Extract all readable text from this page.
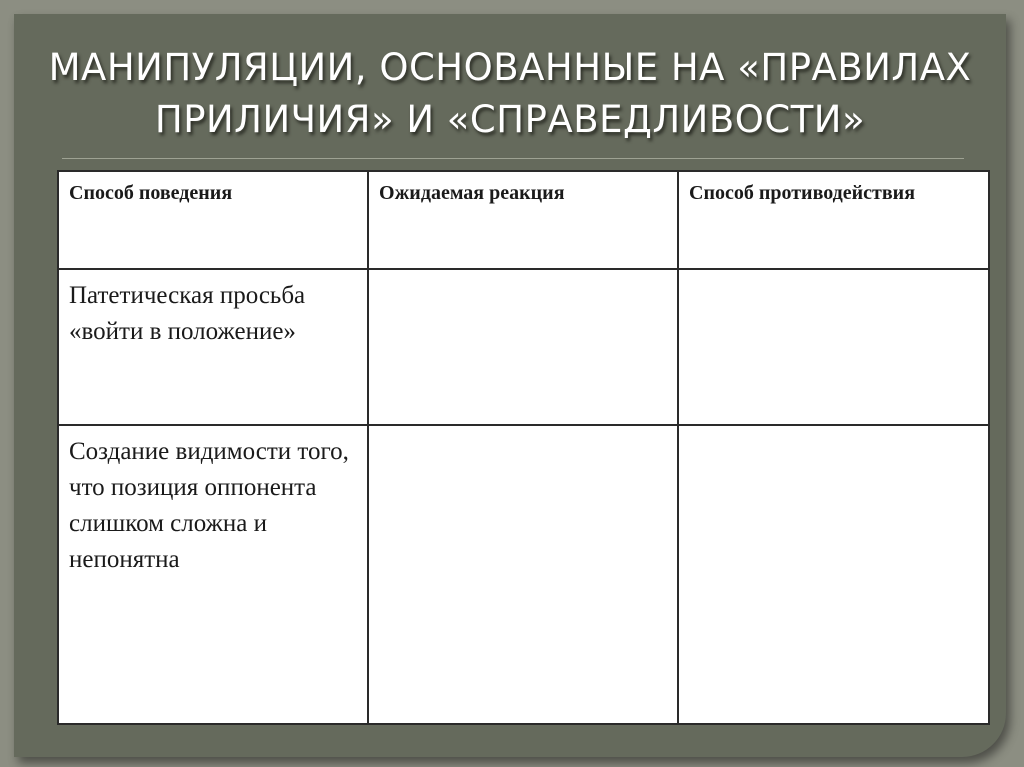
МАНИПУЛЯЦИИ, ОСНОВАННЫЕ НА «ПРАВИЛАХ
ПРИЛИЧИЯ» И «СПРАВЕДЛИВОСТИ»
Способ поведения	Ожидаемая реакция	Способ противодействия
Патетическая просьба «войти в положение»		
Создание видимости того, что позиция оппонента слишком сложна и непонятна		
